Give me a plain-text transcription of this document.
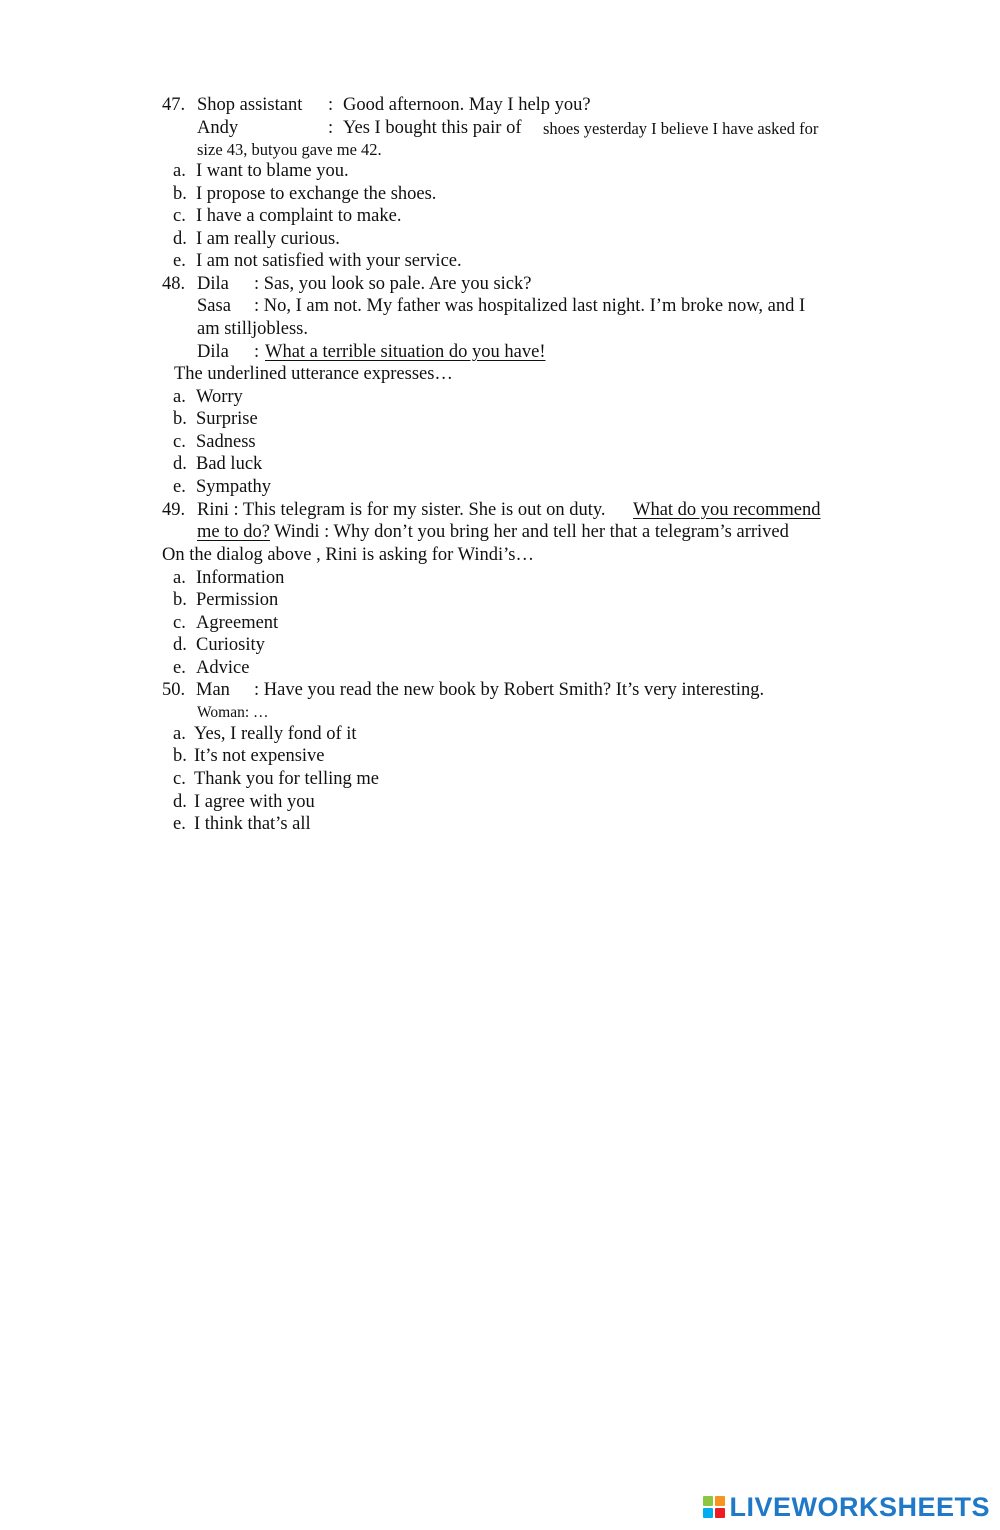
47. Shop assistant : Good afternoon. May I help you?
Andy	: Yes I bought this pair of shoes yesterday I believe I have asked for
size 43, butyou gave me 42.
a. I want to blame you.
b. I propose to exchange the shoes.
c. I have a complaint to make.
d. I am really curious.
e. I am not satisfied with your service.
48. Dila : Sas, you look so pale. Are you sick?
Sasa : No, I am not. My father was hospitalized last night. I’m broke now, and I
am stilljobless.
Dila : What a terrible situation do you have!
The underlined utterance expresses…
a. Worry
b. Surprise
c. Sadness
d. Bad luck
e. Sympathy
49. Rini : This telegram is for my sister. She is out on duty. What do you recommend
me to do? Windi : Why don’t you bring her and tell her that a telegram’s arrived
On the dialog above , Rini is asking for Windi’s…
a. Information
b. Permission
c. Agreement
d. Curiosity
e. Advice
50. Man : Have you read the new book by Robert Smith? It’s very interesting.
Woman: …
a. Yes, I really fond of it
b. It’s not expensive
c. Thank you for telling me
d. I agree with you
e. I think that’s all
LIVEWORKSHEETS
